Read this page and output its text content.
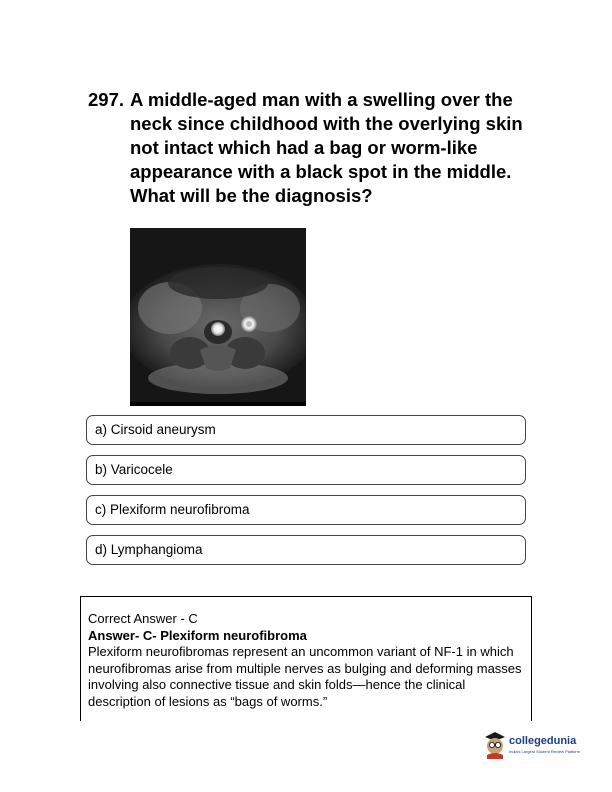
297. A middle-aged man with a swelling over the neck since childhood with the overlying skin not intact which had a bag or worm-like appearance with a black spot in the middle. What will be the diagnosis?
a) Cirsoid aneurysm
b) Varicocele
c) Plexiform neurofibroma
d) Lymphangioma
Correct Answer - C
Answer- C- Plexiform neurofibroma
Plexiform neurofibromas represent an uncommon variant of NF-1 in which neurofibromas arise from multiple nerves as bulging and deforming masses involving also connective tissue and skin folds—hence the clinical description of lesions as “bags of worms.”
collegedunia
India's Largest Student Review Platform
